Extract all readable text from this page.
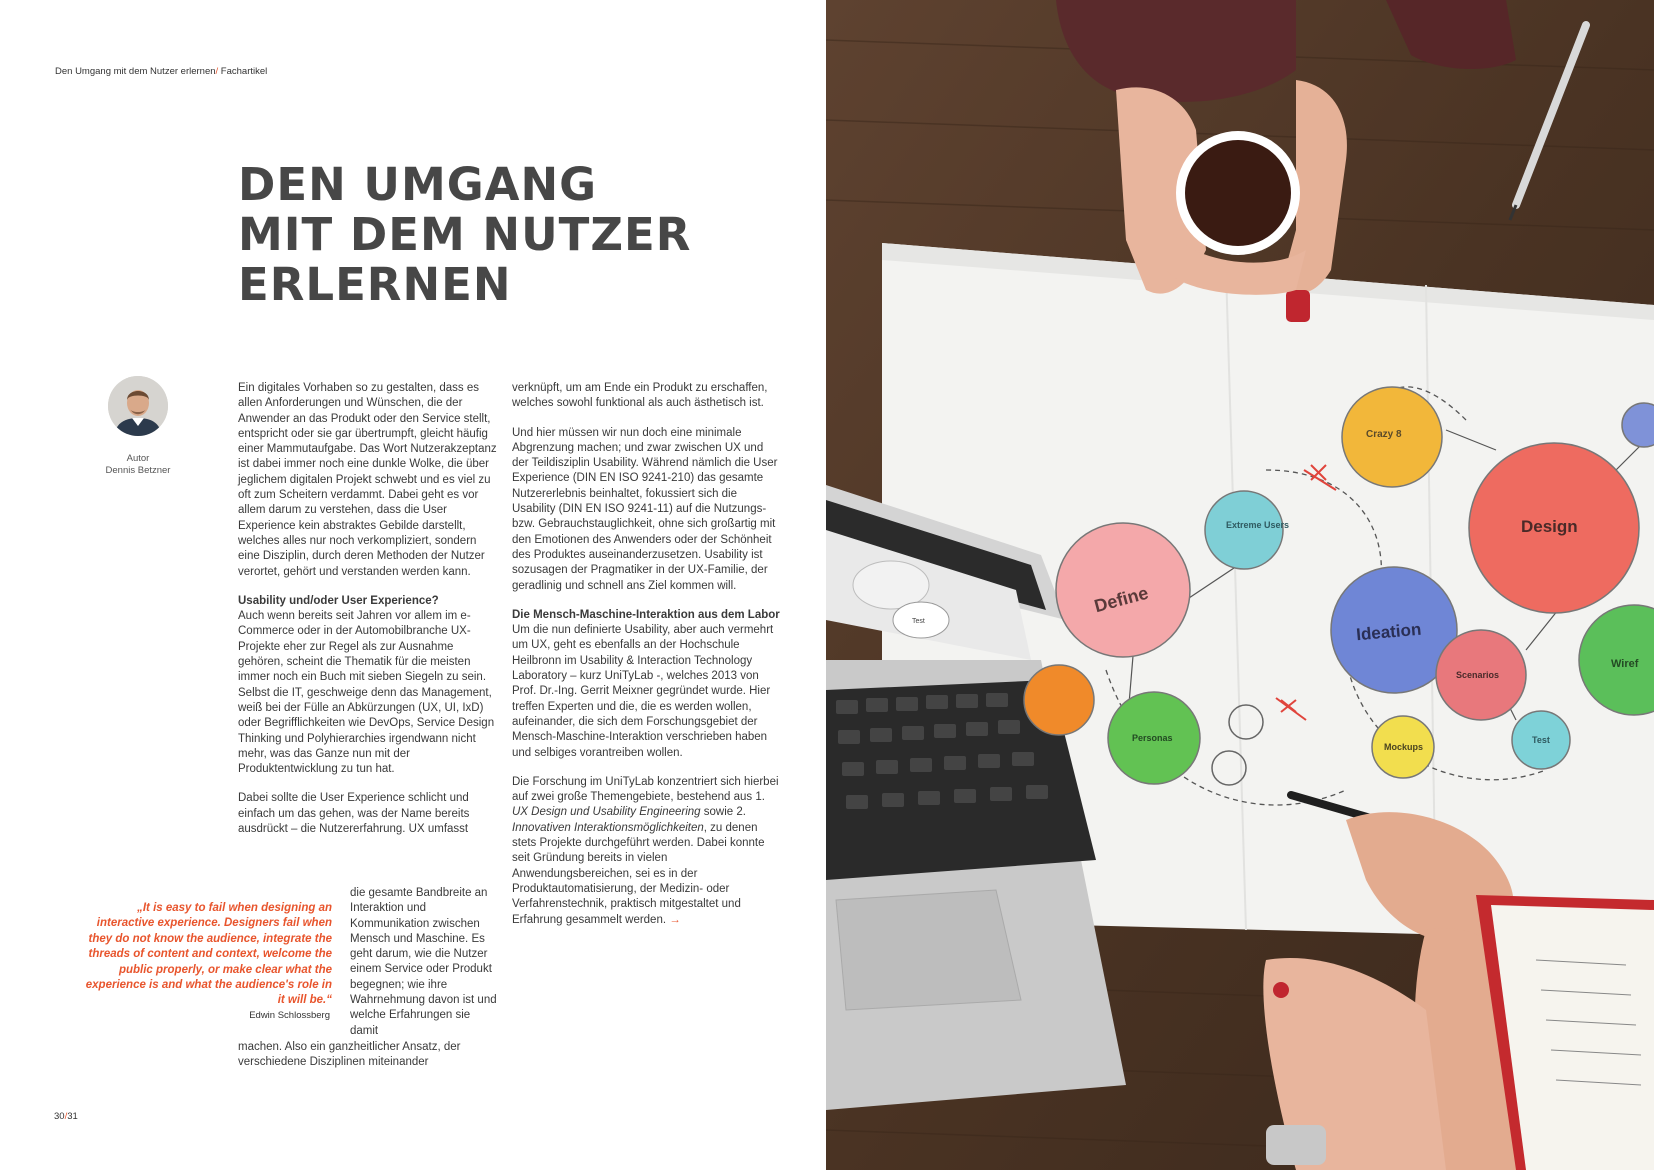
Den Umgang mit dem Nutzer erlernen/ Fachartikel
DEN UMGANG
MIT DEM NUTZER
ERLERNEN
Autor
Dennis Betzner

Ein digitales Vorhaben so zu gestalten, dass es allen Anforderungen und Wünschen, die der Anwender an das Produkt oder den Service stellt, entspricht oder sie gar übertrumpft, gleicht häufig einer Mammutaufgabe. Das Wort Nutzerakzeptanz ist dabei immer noch eine dunkle Wolke, die über jeglichem digitalen Projekt schwebt und es viel zu oft zum Scheitern verdammt. Dabei geht es vor allem darum zu verstehen, dass die User Experience kein abstraktes Gebilde darstellt, welches alles nur noch verkompliziert, sondern eine Disziplin, durch deren Methoden der Nutzer verortet, gehört und verstanden werden kann.

Usability und/oder User Experience?

Auch wenn bereits seit Jahren vor allem im e-Commerce oder in der Automobilbranche UX-Projekte eher zur Regel als zur Ausnahme gehören, scheint die Thematik für die meisten immer noch ein Buch mit sieben Siegeln zu sein. Selbst die IT, geschweige denn das Management, weiß bei der Fülle an Abkürzungen (UX, UI, IxD) oder Begrifflichkeiten wie DevOps, Service Design Thinking und Polyhierarchies irgendwann nicht mehr, was das Ganze nun mit der Produktentwicklung zu tun hat.

Dabei sollte die User Experience schlicht und einfach um das gehen, was der Name bereits ausdrückt – die Nutzererfahrung. UX umfasst

die gesamte Bandbreite an Interaktion und Kommunikation zwischen Mensch und Maschine. Es geht darum, wie die Nutzer einem Service oder Produkt begegnen; wie ihre Wahrnehmung davon ist und welche Erfahrungen sie damit

machen. Also ein ganzheitlicher Ansatz, der verschiedene Disziplinen miteinander

„It is easy to fail when designing an interactive experience. Designers fail when they do not know the audience, integrate the threads of content and context, welcome the public properly, or make clear what the experience is and what the audience's role in it will be.“
Edwin Schlossberg

verknüpft, um am Ende ein Produkt zu erschaffen, welches sowohl funktional als auch ästhetisch ist.

Und hier müssen wir nun doch eine minimale Abgrenzung machen; und zwar zwischen UX und der Teildisziplin Usability. Während nämlich die User Experience (DIN EN ISO 9241-210) das gesamte Nutzererlebnis beinhaltet, fokussiert sich die Usability (DIN EN ISO 9241-11) auf die Nutzungs- bzw. Gebrauchstauglichkeit, ohne sich großartig mit den Emotionen des Anwenders oder der Schönheit des Produktes auseinanderzusetzen. Usability ist sozusagen der Pragmatiker in der UX-Familie, der geradlinig und schnell ans Ziel kommen will.

Die Mensch-Maschine-Interaktion aus dem Labor

Um die nun definierte Usability, aber auch vermehrt um UX, geht es ebenfalls an der Hochschule Heilbronn im Usability & Interaction Technology Laboratory – kurz UniTyLab -, welches 2013 von Prof. Dr.-Ing. Gerrit Meixner gegründet wurde. Hier treffen Experten und die, die es werden wollen, aufeinander, die sich dem Forschungsgebiet der Mensch-Maschine-Interaktion verschrieben haben und selbiges vorantreiben wollen.

Die Forschung im UniTyLab konzentriert sich hierbei auf zwei große Themengebiete, bestehend aus 1. UX Design und Usability Engineering sowie 2. Innovativen Interaktionsmöglichkeiten, zu denen stets Projekte durchgeführt werden. Dabei konnte seit Gründung bereits in vielen Anwendungsbereichen, sei es in der Produktautomatisierung, der Medizin- oder Verfahrenstechnik, praktisch mitgestaltet und Erfahrung gesammelt werden. →

30/31
Test
Crazy 8
Design
Extreme Users
Define
Ideation
Scenarios
Wiref
Personas
Mockups
Test
